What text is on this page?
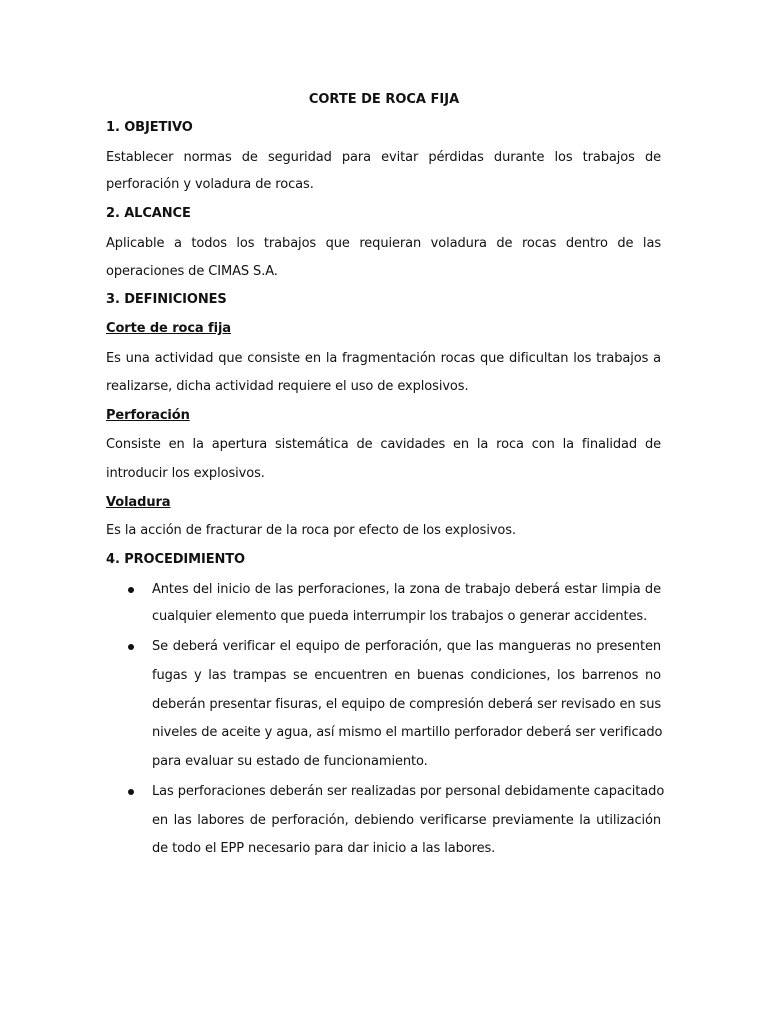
CORTE DE ROCA FIJA
1. OBJETIVO
Establecer normas de seguridad para evitar pérdidas durante los trabajos de
perforación y voladura de rocas.
2. ALCANCE
Aplicable a todos los trabajos que requieran voladura de rocas dentro de las
operaciones de CIMAS S.A.
3. DEFINICIONES
Corte de roca fija
Es una actividad que consiste en la fragmentación rocas que dificultan los trabajos a
realizarse, dicha actividad requiere el uso de explosivos.
Perforación
Consiste en la apertura sistemática de cavidades en la roca con la finalidad de
introducir los explosivos.
Voladura
Es la acción de fracturar de la roca por efecto de los explosivos.
4. PROCEDIMIENTO
Antes del inicio de las perforaciones, la zona de trabajo deberá estar limpia de
cualquier elemento que pueda interrumpir los trabajos o generar accidentes.
Se deberá verificar el equipo de perforación, que las mangueras no presenten
fugas y las trampas se encuentren en buenas condiciones, los barrenos no
deberán presentar fisuras, el equipo de compresión deberá ser revisado en sus
niveles de aceite y agua, así mismo el martillo perforador deberá ser verificado
para evaluar su estado de funcionamiento.
Las perforaciones deberán ser realizadas por personal debidamente capacitado
en las labores de perforación, debiendo verificarse previamente la utilización
de todo el EPP necesario para dar inicio a las labores.
